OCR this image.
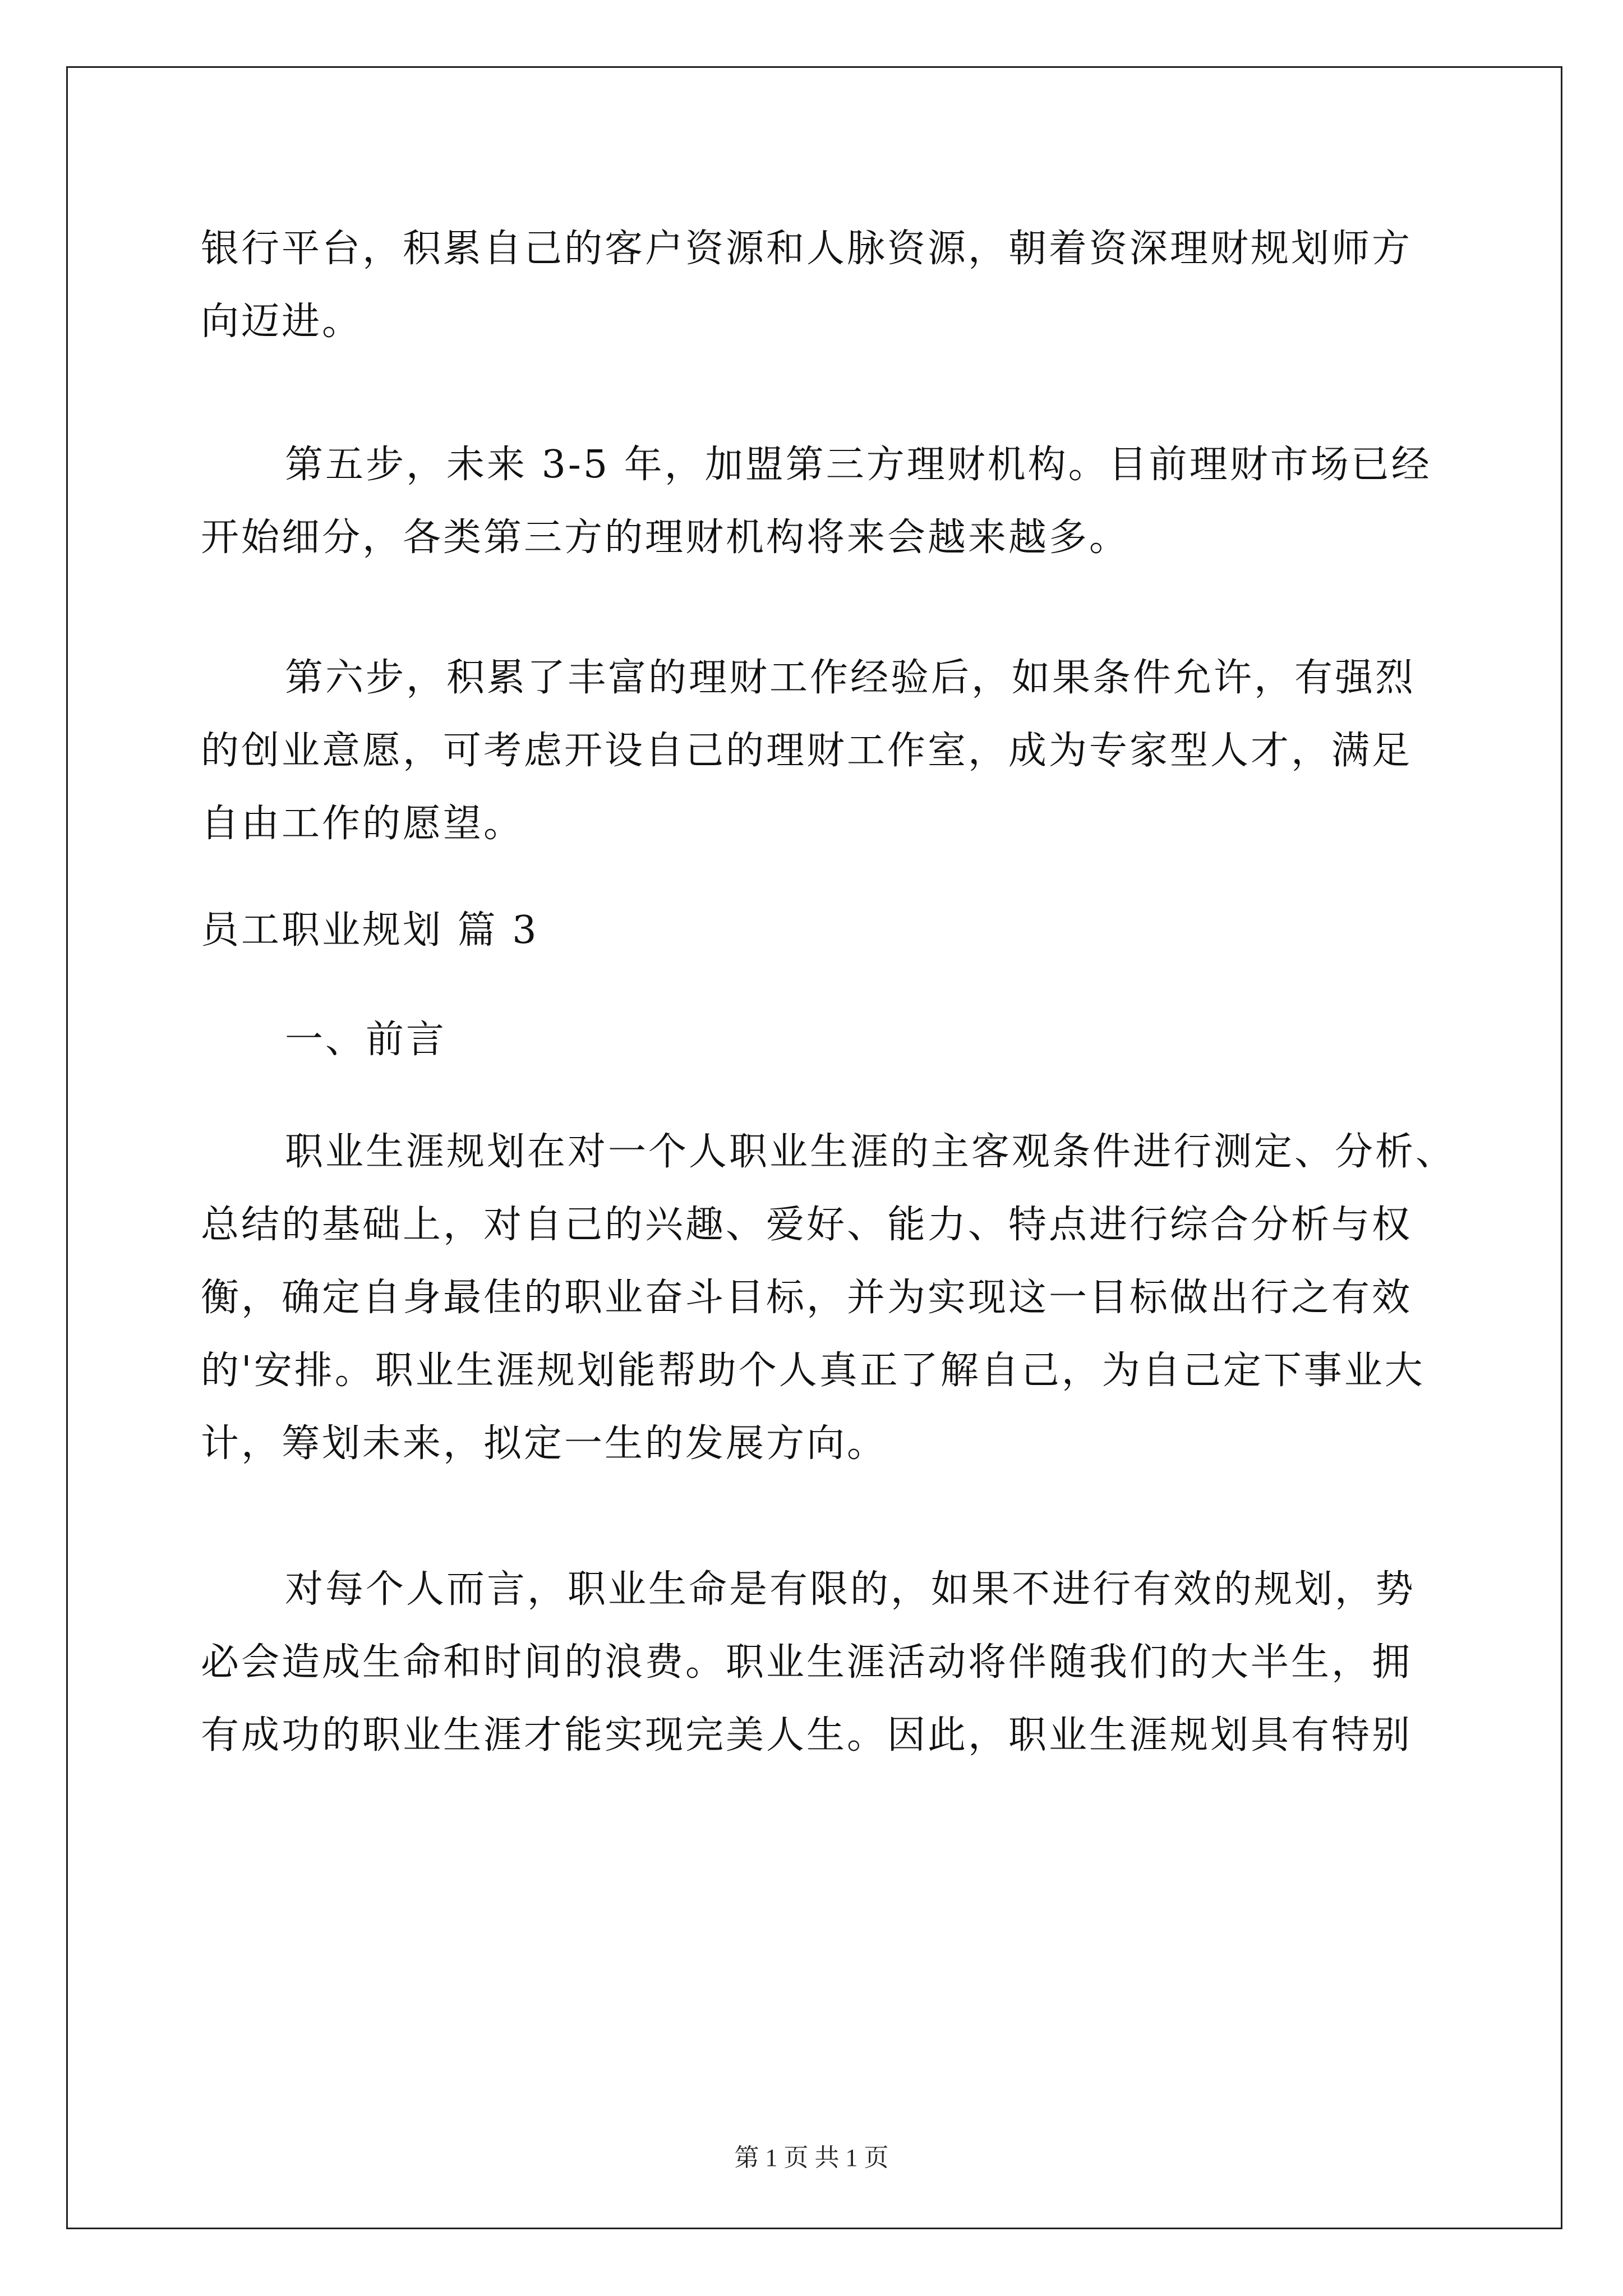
银行平台，积累自己的客户资源和人脉资源，朝着资深理财规划师方
向迈进。
第五步，未来 3-5 年，加盟第三方理财机构。目前理财市场已经
开始细分，各类第三方的理财机构将来会越来越多。
第六步，积累了丰富的理财工作经验后，如果条件允许，有强烈
的创业意愿，可考虑开设自己的理财工作室，成为专家型人才，满足
自由工作的愿望。
员工职业规划 篇 3
一、前言
职业生涯规划在对一个人职业生涯的主客观条件进行测定、分析、
总结的基础上，对自己的兴趣、爱好、能力、特点进行综合分析与权
衡，确定自身最佳的职业奋斗目标，并为实现这一目标做出行之有效
的'安排。职业生涯规划能帮助个人真正了解自己，为自己定下事业大
计，筹划未来，拟定一生的发展方向。
对每个人而言，职业生命是有限的，如果不进行有效的规划，势
必会造成生命和时间的浪费。职业生涯活动将伴随我们的大半生，拥
有成功的职业生涯才能实现完美人生。因此，职业生涯规划具有特别
第 1 页 共 1 页
